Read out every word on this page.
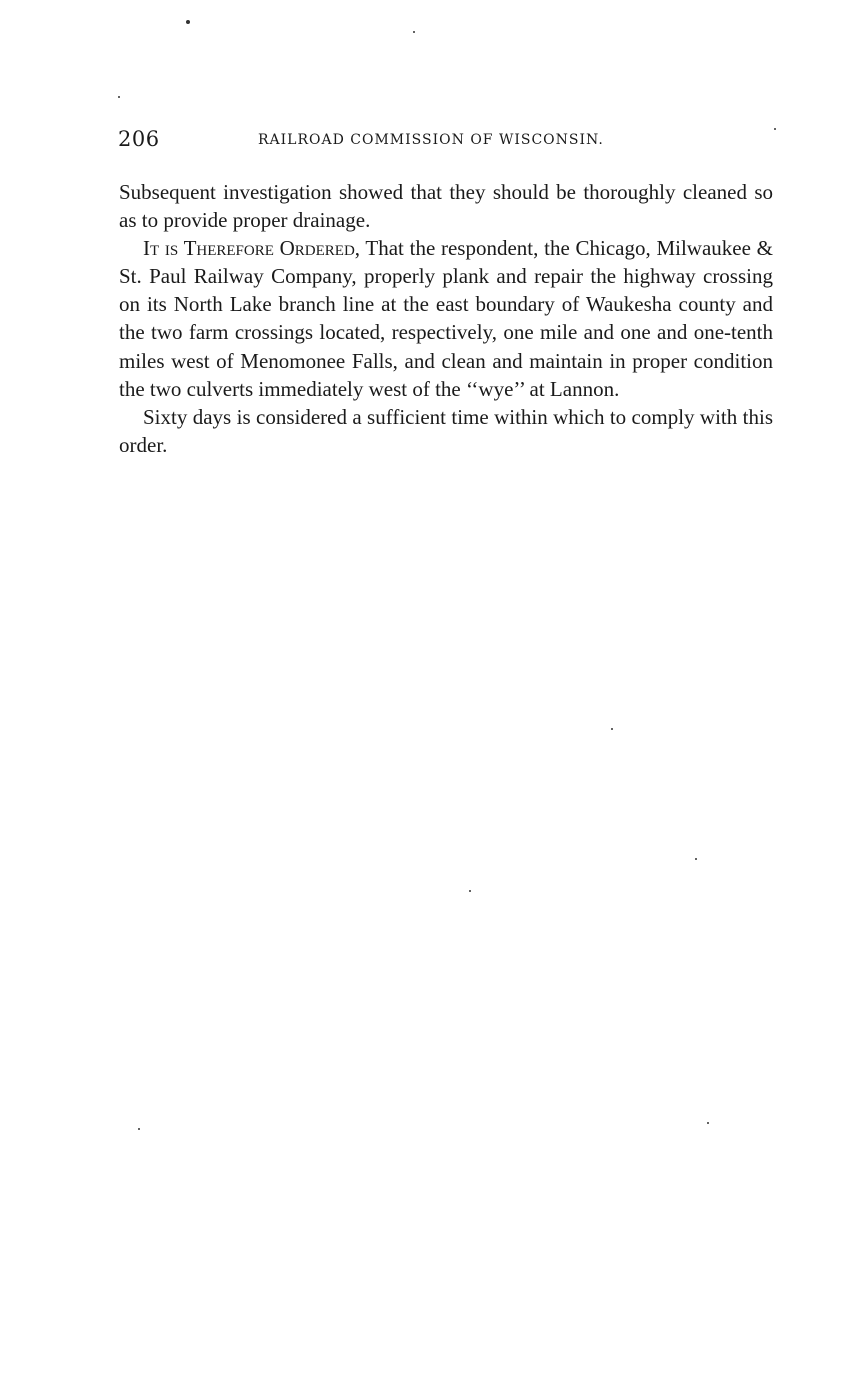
206	RAILROAD COMMISSION OF WISCONSIN.

Subsequent investigation showed that they should be thoroughly cleaned so as to provide proper drainage.

It is Therefore Ordered, That the respondent, the Chicago, Milwaukee & St. Paul Railway Company, properly plank and repair the highway crossing on its North Lake branch line at the east boundary of Waukesha county and the two farm crossings located, respectively, one mile and one and one-tenth miles west of Menomonee Falls, and clean and maintain in proper condition the two culverts immediately west of the ‘‘wye’’ at Lannon.

Sixty days is considered a sufficient time within which to comply with this order.
